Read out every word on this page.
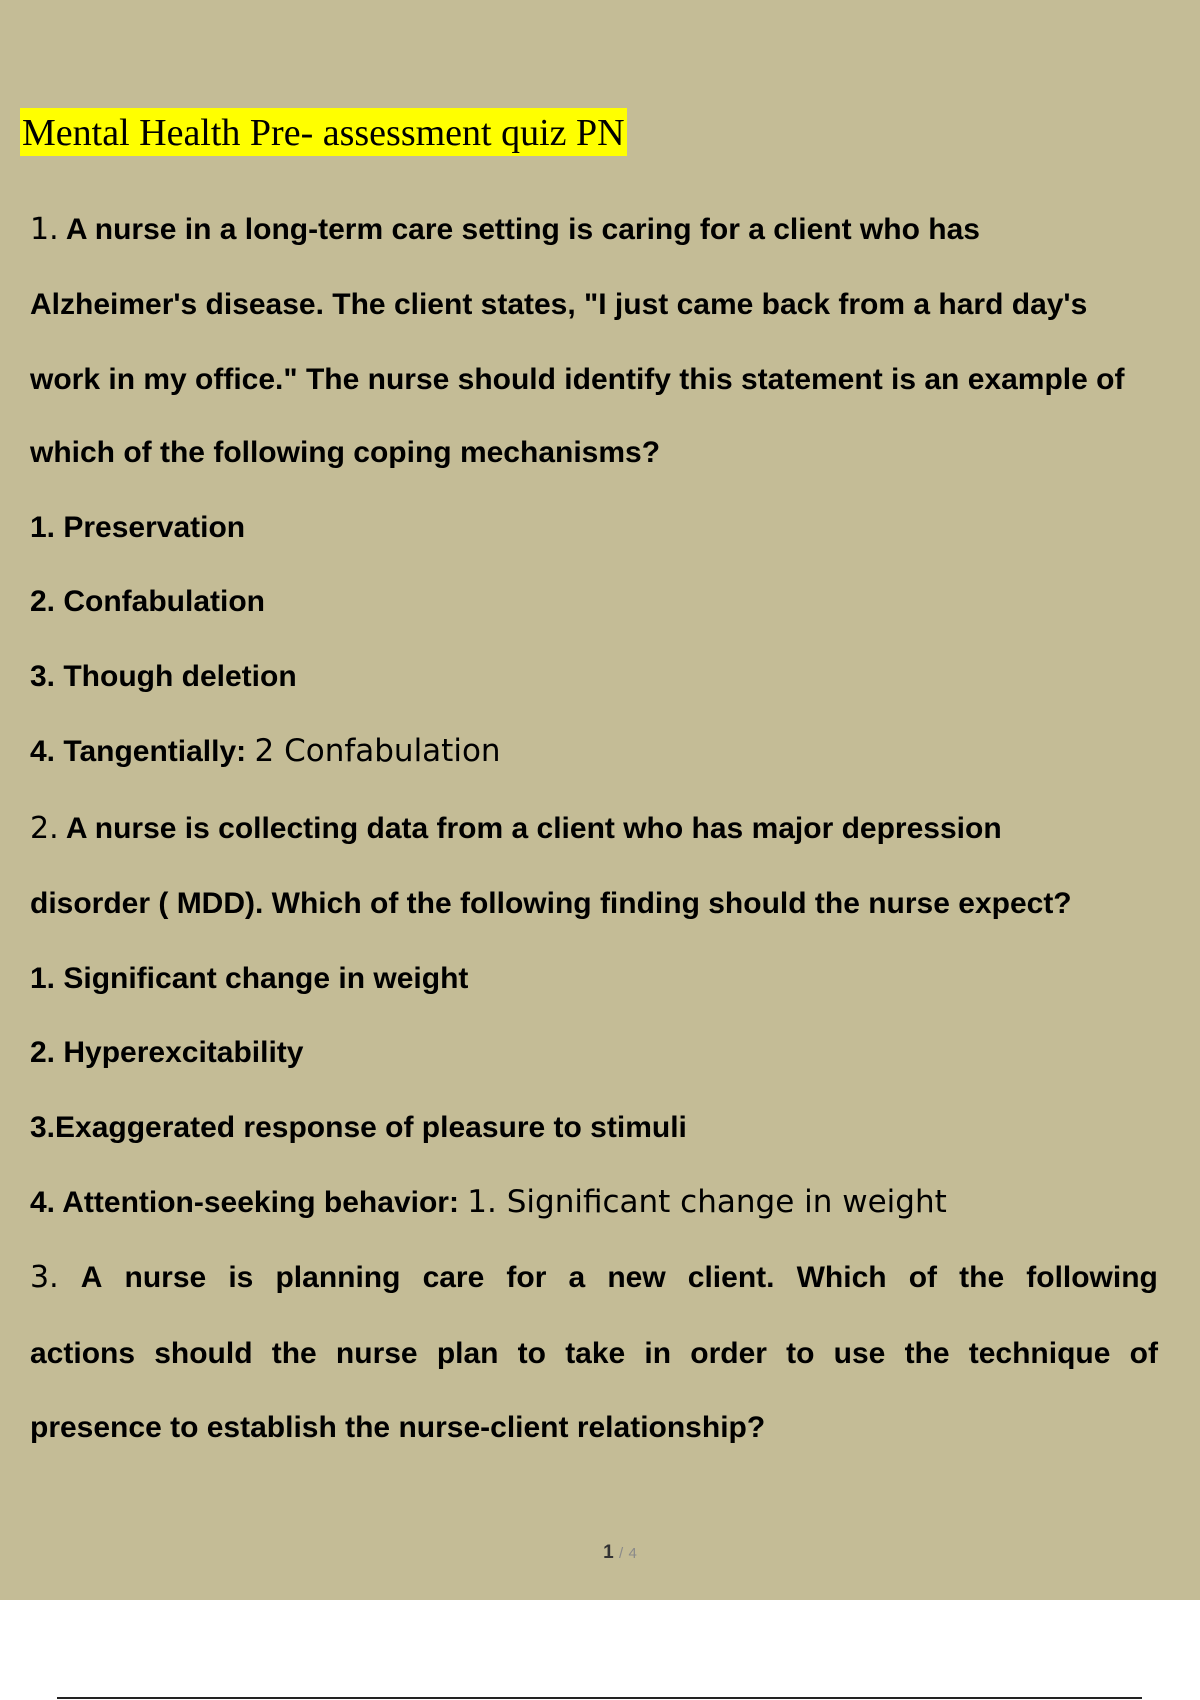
Mental Health Pre- assessment quiz PN

1. A nurse in a long-term care setting is caring for a client who has

Alzheimer's disease. The client states, "I just came back from a hard day's

work in my office." The nurse should identify this statement is an example of

which of the following coping mechanisms?

1. Preservation

2. Confabulation

3. Though deletion

4. Tangentially: 2 Confabulation

2. A nurse is collecting data from a client who has major depression

disorder ( MDD). Which of the following finding should the nurse expect?

1. Significant change in weight

2. Hyperexcitability

3.Exaggerated response of pleasure to stimuli

4. Attention-seeking behavior: 1. Significant change in weight

3. A nurse is planning care for a new client. Which of the following

actions should the nurse plan to take in order to use the technique of

presence to establish the nurse-client relationship?

1 / 4
